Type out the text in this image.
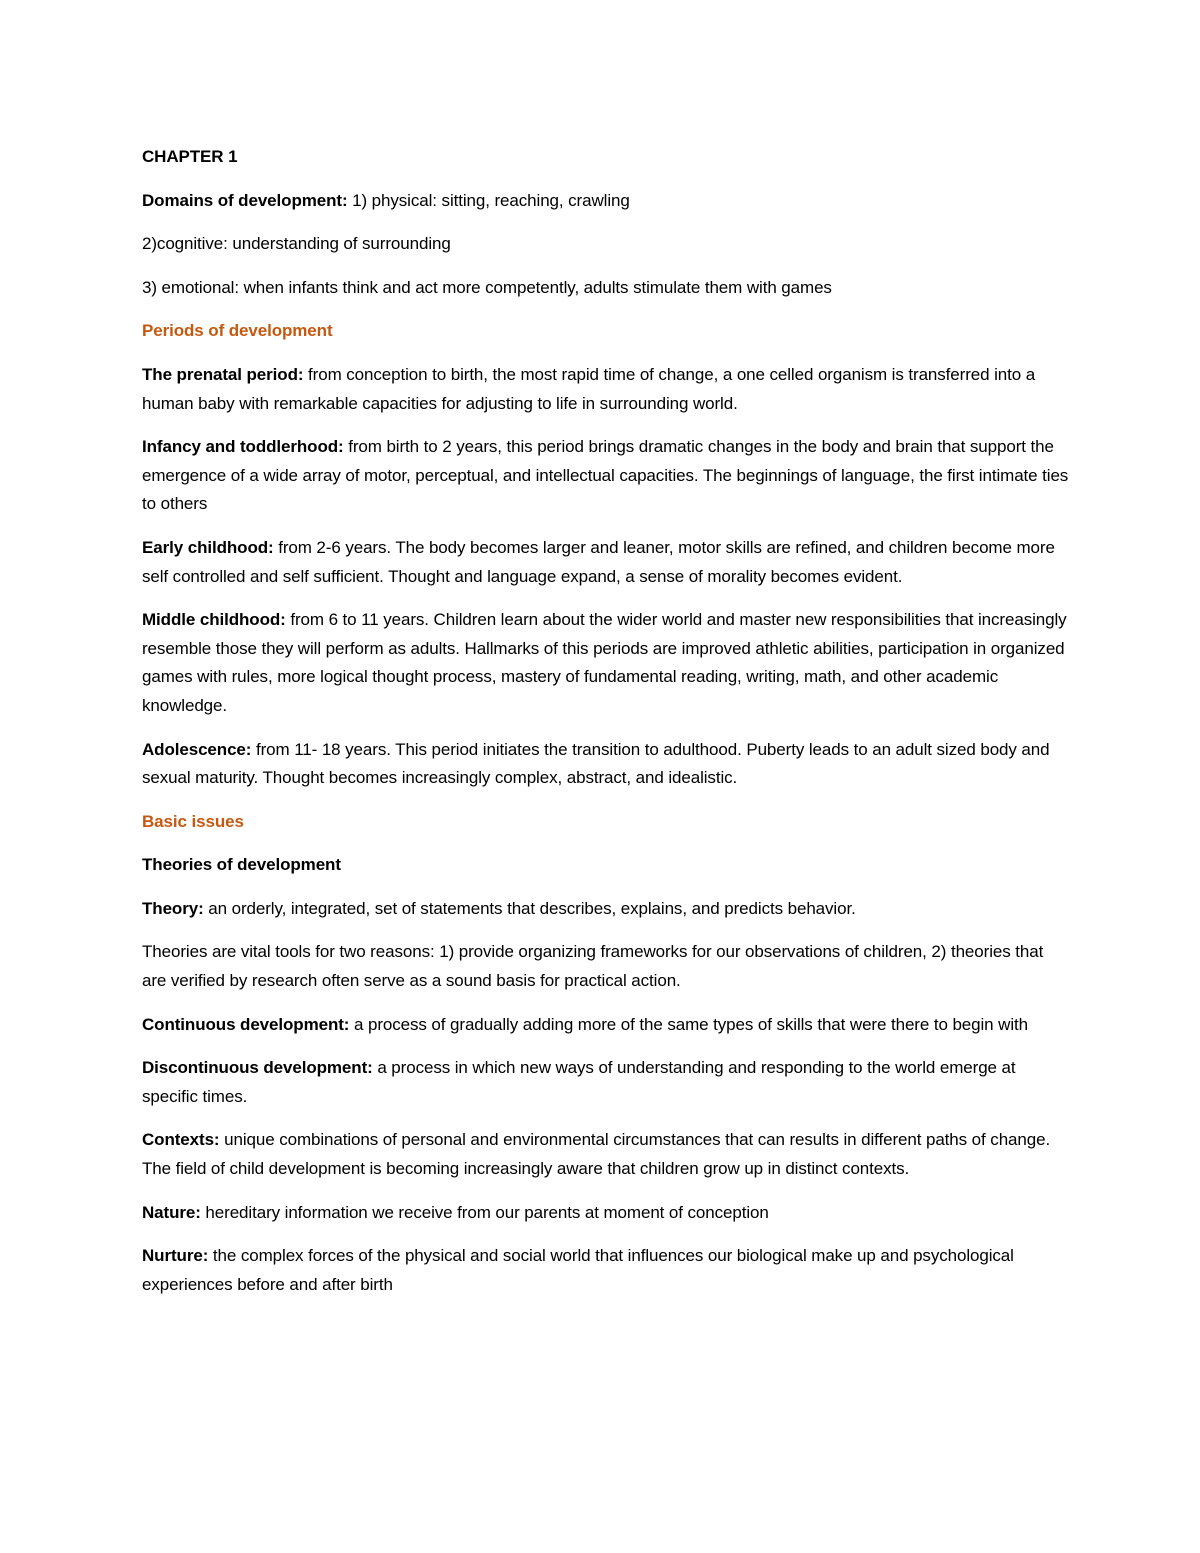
CHAPTER 1

Domains of development: 1) physical: sitting, reaching, crawling

2)cognitive: understanding of surrounding

3) emotional: when infants think and act more competently, adults stimulate them with games

Periods of development

The prenatal period: from conception to birth, the most rapid time of change, a one celled organism is transferred into a human baby with remarkable capacities for adjusting to life in surrounding world.

Infancy and toddlerhood: from birth to 2 years, this period brings dramatic changes in the body and brain that support the emergence of a wide array of motor, perceptual, and intellectual capacities. The beginnings of language, the first intimate ties to others

Early childhood: from 2-6 years. The body becomes larger and leaner, motor skills are refined, and children become more self controlled and self sufficient. Thought and language expand, a sense of morality becomes evident.

Middle childhood: from 6 to 11 years. Children learn about the wider world and master new responsibilities that increasingly resemble those they will perform as adults. Hallmarks of this periods are improved athletic abilities, participation in organized games with rules, more logical thought process, mastery of fundamental reading, writing, math, and other academic knowledge.

Adolescence: from 11- 18 years. This period initiates the transition to adulthood. Puberty leads to an adult sized body and sexual maturity. Thought becomes increasingly complex, abstract, and idealistic.

Basic issues

Theories of development

Theory: an orderly, integrated, set of statements that describes, explains, and predicts behavior.

Theories are vital tools for two reasons: 1) provide organizing frameworks for our observations of children, 2) theories that are verified by research often serve as a sound basis for practical action.

Continuous development: a process of gradually adding more of the same types of skills that were there to begin with

Discontinuous development: a process in which new ways of understanding and responding to the world emerge at specific times.

Contexts: unique combinations of personal and environmental circumstances that can results in different paths of change. The field of child development is becoming increasingly aware that children grow up in distinct contexts.

Nature: hereditary information we receive from our parents at moment of conception

Nurture: the complex forces of the physical and social world that influences our biological make up and psychological experiences before and after birth
